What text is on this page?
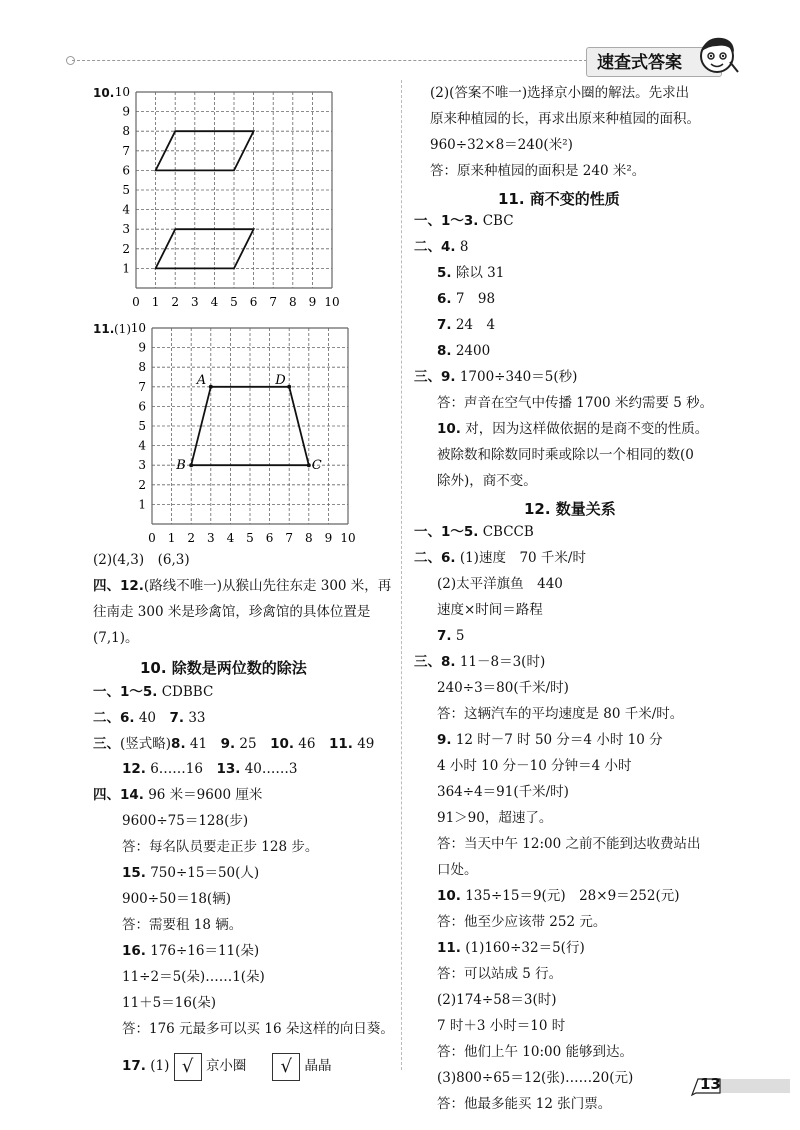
速查式答案
10.
0 1
1
2
2
3
3
4
4
5
5
6
6
7
7
8
8
9
9
10
10
11. (1)
0 1
1
2
2
3
3
4
4
5
5
6
6
7
7
8
8
9
9
10
10
A	D
B	C
(2)(4,3)　(6,3)
四、12.(路线不唯一)从猴山先往东走 300 米，再
往南走 300 米是珍禽馆，珍禽馆的具体位置是
(7,1)。
10. 除数是两位数的除法
一、1～5. CDBBC
二、6. 40　7. 33
三、(竖式略)8. 41　9. 25　10. 46　11. 49
12. 6……16　13. 40……3
四、14. 96 米＝9600 厘米
9600÷75＝128(步)
答：每名队员要走正步 128 步。
15. 750÷15＝50(人)
900÷50＝18(辆)
答：需要租 18 辆。
16. 176÷16＝11(朵)
11÷2＝5(朵)……1(朵)
11＋5＝16(朵)
答：176 元最多可以买 16 朵这样的向日葵。
17. (1) √ 京小圈 √ 晶晶
(2)(答案不唯一)选择京小圈的解法。先求出
原来种植园的长，再求出原来种植园的面积。
960÷32×8＝240(米²)
答：原来种植园的面积是 240 米²。
11. 商不变的性质
一、1～3. CBC
二、4. 8
5. 除以 31
6. 7　98
7. 24　4
8. 2400
三、9. 1700÷340＝5(秒)
答：声音在空气中传播 1700 米约需要 5 秒。
10. 对，因为这样做依据的是商不变的性质。
被除数和除数同时乘或除以一个相同的数(0
除外)，商不变。
12. 数量关系
一、1～5. CBCCB
二、6. (1)速度　70 千米/时
(2)太平洋旗鱼　440
速度×时间＝路程
7. 5
三、8. 11－8＝3(时)
240÷3＝80(千米/时)
答：这辆汽车的平均速度是 80 千米/时。
9. 12 时－7 时 50 分＝4 小时 10 分
4 小时 10 分－10 分钟＝4 小时
364÷4＝91(千米/时)
91＞90，超速了。
答：当天中午 12:00 之前不能到达收费站出
口处。
10. 135÷15＝9(元)　28×9＝252(元)
答：他至少应该带 252 元。
11. (1)160÷32＝5(行)
答：可以站成 5 行。
(2)174÷58＝3(时)
7 时＋3 小时＝10 时
答：他们上午 10:00 能够到达。
(3)800÷65＝12(张)……20(元)
答：他最多能买 12 张门票。
13
